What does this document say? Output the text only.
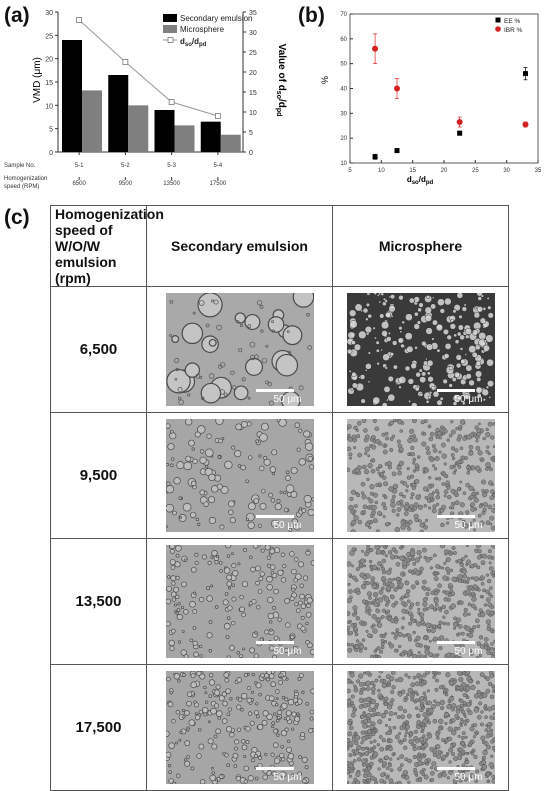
(a)	(b)
(c)
0
5
10
15
20
25
30
0
5
10
15
20
25
30
35
5-1
6500
5-2
9500
5-3
13500
5-4
17500
Sample No.
Homogenization
speed (RPM)
Secondary emulsion
Microsphere
$d_{so}/d_{pd}$
VMD (μm)	Value of $d_{so}/d_{pd}$
5	10	15	20	25	30	35
10
20
30
40
50
60
70
EE %
IBR %
%
$d_{so}/d_{pd}$
Homogenization speed of W/O/W emulsion (rpm)	Secondary emulsion	Microsphere
6,500	50 μm	50 μm

9,500	50 μm	50 μm

13,500	50 μm	50 μm

17,500	50 μm	50 μm
